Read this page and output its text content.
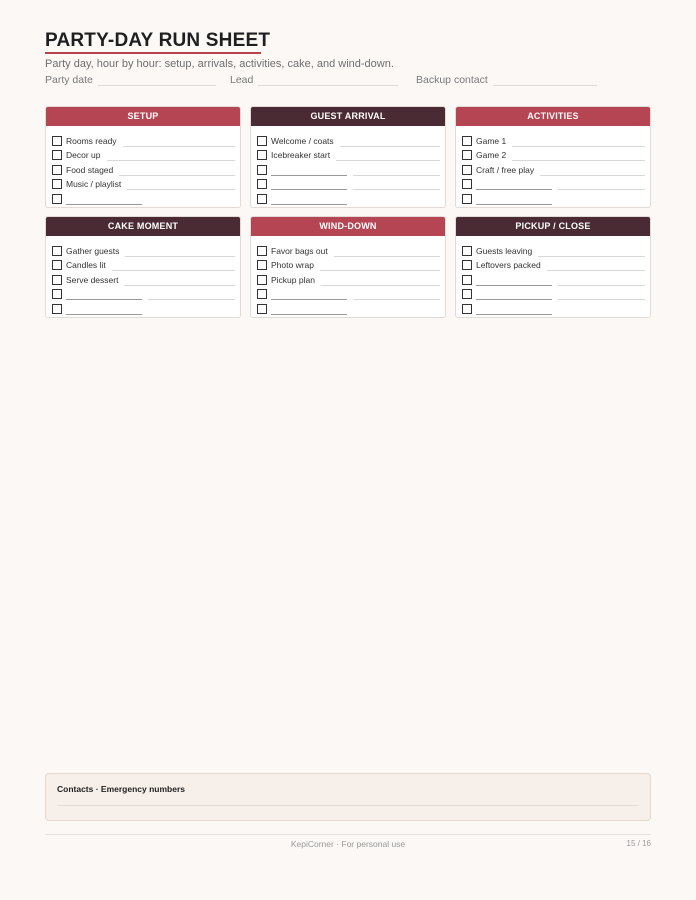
PARTY-DAY RUN SHEET
Party day, hour by hour: setup, arrivals, activities, cake, and wind-down.
Party date	Lead	Backup contact
SETUP
Rooms ready
Decor up
Food staged
Music / playlist
GUEST ARRIVAL
Welcome / coats
Icebreaker start
ACTIVITIES
Game 1
Game 2
Craft / free play
CAKE MOMENT
Gather guests
Candles lit
Serve dessert
WIND-DOWN
Favor bags out
Photo wrap
Pickup plan
PICKUP / CLOSE
Guests leaving
Leftovers packed
Contacts · Emergency numbers
KepiCorner · For personal use	15 / 16
